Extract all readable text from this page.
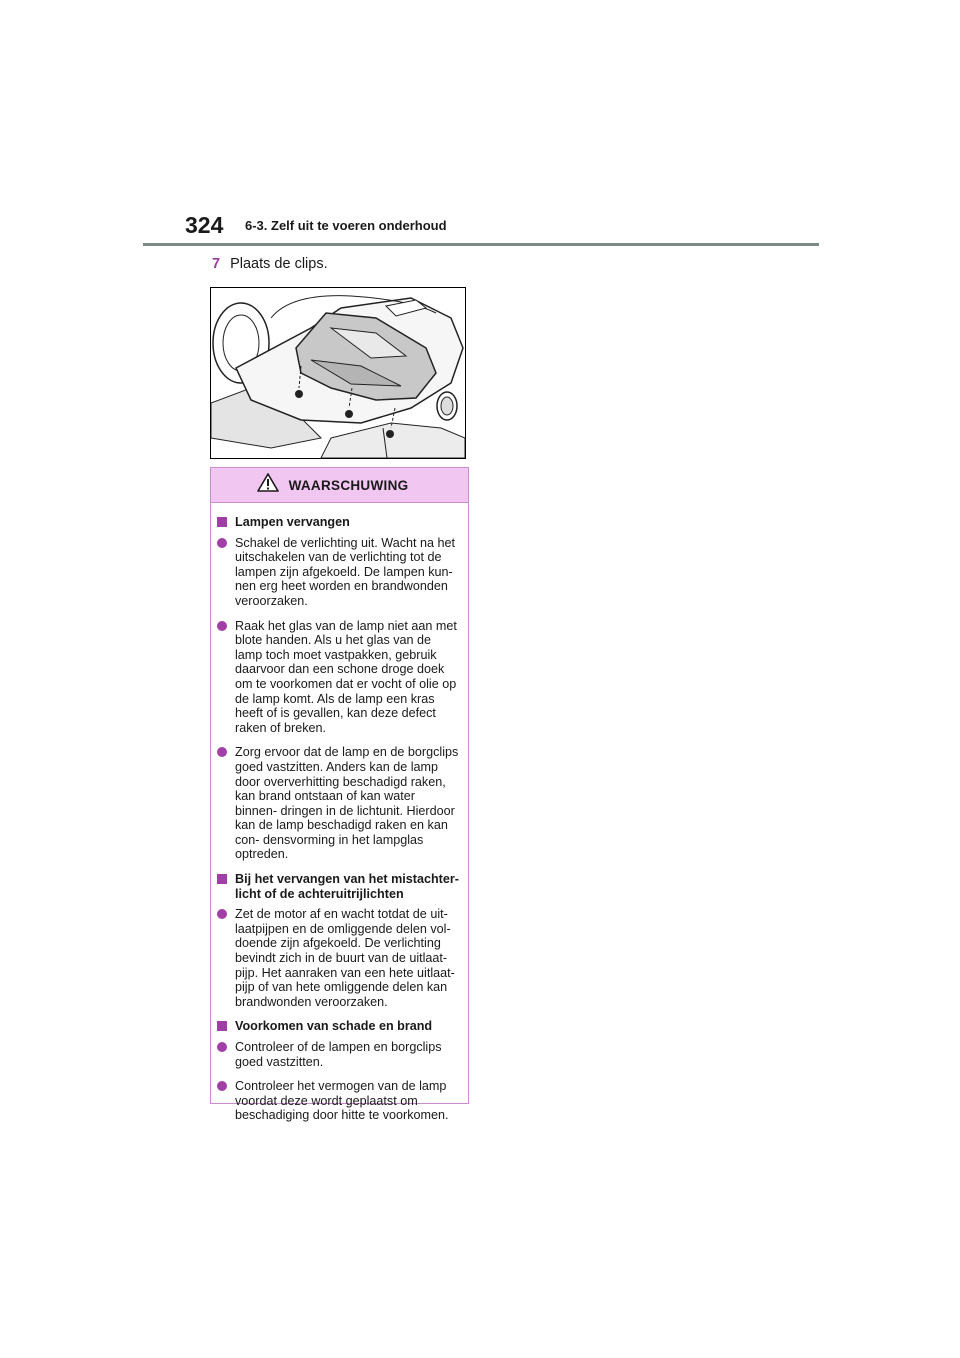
324 6-3. Zelf uit te voeren onderhoud
7 Plaats de clips.
WAARSCHUWING
Lampen vervangen
Schakel de verlichting uit. Wacht na het uitschakelen van de verlichting tot de lampen zijn afgekoeld. De lampen kun- nen erg heet worden en brandwonden veroorzaken.
Raak het glas van de lamp niet aan met blote handen. Als u het glas van de lamp toch moet vastpakken, gebruik daarvoor dan een schone droge doek om te voorkomen dat er vocht of olie op de lamp komt. Als de lamp een kras heeft of is gevallen, kan deze defect raken of breken.
Zorg ervoor dat de lamp en de borgclips goed vastzitten. Anders kan de lamp door oververhitting beschadigd raken, kan brand ontstaan of kan water binnen- dringen in de lichtunit. Hierdoor kan de lamp beschadigd raken en kan con- densvorming in het lampglas optreden.
Bij het vervangen van het mistachter- licht of de achteruitrijlichten
Zet de motor af en wacht totdat de uit- laatpijpen en de omliggende delen vol- doende zijn afgekoeld. De verlichting bevindt zich in de buurt van de uitlaat- pijp. Het aanraken van een hete uitlaat- pijp of van hete omliggende delen kan brandwonden veroorzaken.
Voorkomen van schade en brand
Controleer of de lampen en borgclips goed vastzitten.
Controleer het vermogen van de lamp voordat deze wordt geplaatst om beschadiging door hitte te voorkomen.
